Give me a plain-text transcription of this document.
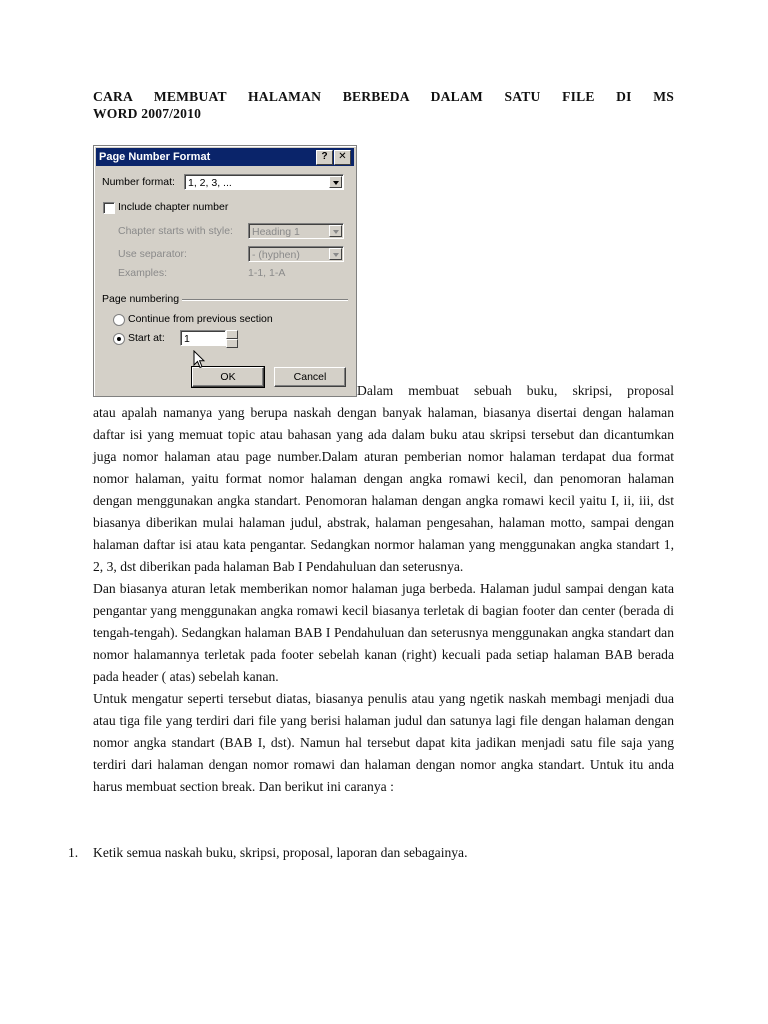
CARA MEMBUAT HALAMAN BERBEDA DALAM SATU FILE DI MS
WORD 2007/2010
Page Number Format	?	✕
Number format:	1, 2, 3, ...
Include chapter number
Chapter starts with style:	Heading 1
Use separator:	- (hyphen)
Examples:	1-1, 1-A
Page numbering
Continue from previous section
Start at:	1
OK	Cancel
Dalam membuat sebuah buku, skripsi, proposal

atau apalah namanya yang berupa naskah dengan banyak halaman, biasanya disertai dengan halaman daftar isi yang memuat topic atau bahasan yang ada dalam buku atau skripsi tersebut dan dicantumkan juga nomor halaman atau page number.Dalam aturan pemberian nomor halaman terdapat dua format nomor halaman, yaitu format nomor halaman dengan angka romawi kecil, dan penomoran halaman dengan menggunakan angka standart. Penomoran halaman dengan angka romawi kecil yaitu I, ii, iii, dst biasanya diberikan mulai halaman judul, abstrak, halaman pengesahan, halaman motto, sampai dengan halaman daftar isi atau kata pengantar. Sedangkan normor halaman yang menggunakan angka standart 1, 2, 3, dst diberikan pada halaman Bab I Pendahuluan dan seterusnya.

Dan biasanya aturan letak memberikan nomor halaman juga berbeda. Halaman judul sampai dengan kata pengantar yang menggunakan angka romawi kecil biasanya terletak di bagian footer dan center (berada di tengah-tengah). Sedangkan halaman BAB I Pendahuluan dan seterusnya menggunakan angka standart dan nomor halamannya terletak pada footer sebelah kanan (right) kecuali pada setiap halaman BAB berada pada header ( atas) sebelah kanan.

Untuk mengatur seperti tersebut diatas, biasanya penulis atau yang ngetik naskah membagi menjadi dua atau tiga file yang terdiri dari file yang berisi halaman judul dan satunya lagi file dengan halaman dengan nomor angka standart (BAB I, dst). Namun hal tersebut dapat kita jadikan menjadi satu file saja yang terdiri dari halaman dengan nomor romawi dan halaman dengan nomor angka standart. Untuk itu anda harus membuat section break. Dan berikut ini caranya :

1. Ketik semua naskah buku, skripsi, proposal, laporan dan sebagainya.
